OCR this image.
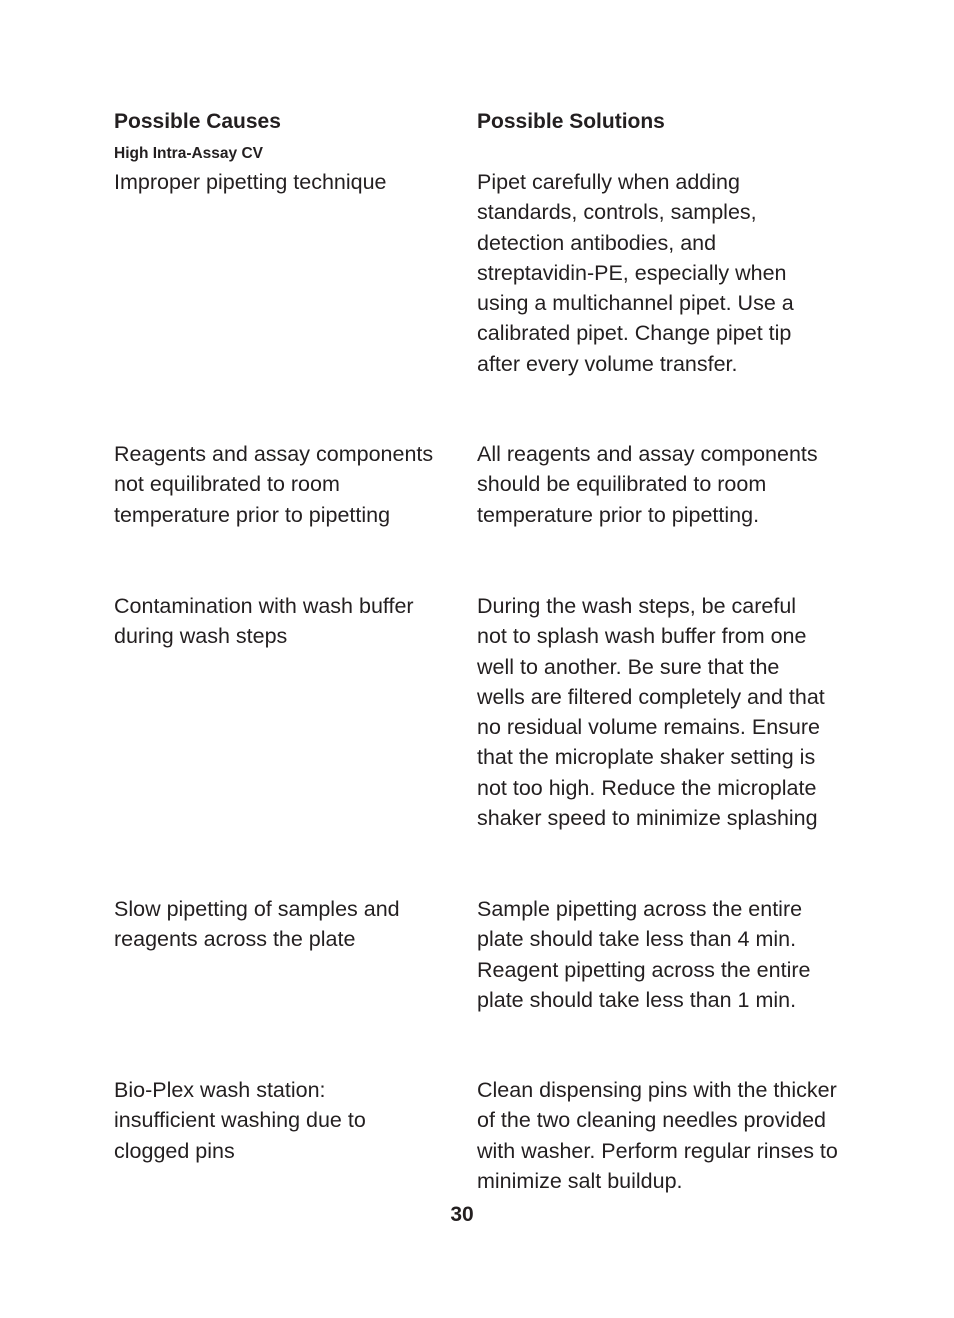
Possible Causes	Possible Solutions
High Intra-Assay CV
Improper pipetting technique	Pipet carefully when adding
standards, controls, samples,
detection antibodies, and
streptavidin-PE, especially when
using a multichannel pipet. Use a
calibrated pipet. Change pipet tip
after every volume transfer.
Reagents and assay components
not equilibrated to room
temperature prior to pipetting
All reagents and assay components
should be equilibrated to room
temperature prior to pipetting.
Contamination with wash buffer
during wash steps
During the wash steps, be careful
not to splash wash buffer from one
well to another. Be sure that the
wells are filtered completely and that
no residual volume remains. Ensure
that the microplate shaker setting is
not too high. Reduce the microplate
shaker speed to minimize splashing
Slow pipetting of samples and
reagents across the plate
Sample pipetting across the entire
plate should take less than 4 min.
Reagent pipetting across the entire
plate should take less than 1 min.
Bio-Plex wash station:
insufficient washing due to
clogged pins
Clean dispensing pins with the thicker
of the two cleaning needles provided
with washer. Perform regular rinses to
minimize salt buildup.
30
